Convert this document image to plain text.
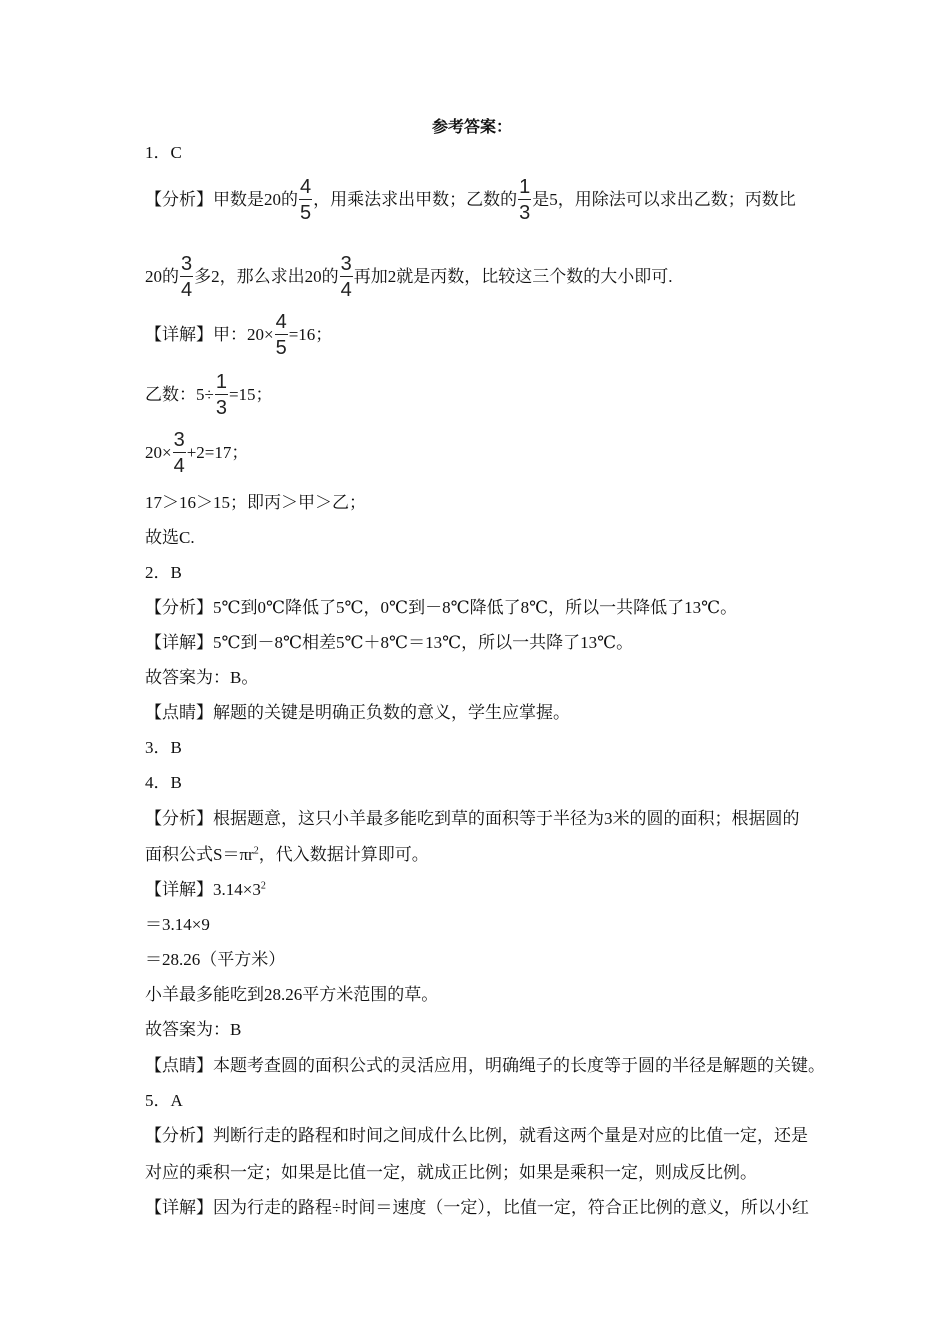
参考答案：
1．C
【分析】甲数是20的 $\frac{4}{5}$ ，用乘法求出甲数；乙数的 $\frac{1}{3}$ 是5，用除法可以求出乙数；丙数比
20的 $\frac{3}{4}$ 多2，那么求出20的 $\frac{3}{4}$ 再加2就是丙数，比较这三个数的大小即可.
【详解】甲：$20\times \frac{4}{5} =16$；
乙数：$5\div \frac{1}{3} =15$；
$20\times \frac{3}{4} +2=17$；
17＞16＞15；即丙＞甲＞乙；
故选C.
2．B
【分析】5℃到0℃降低了5℃，0℃到－8℃降低了8℃，所以一共降低了13℃。
【详解】5℃到－8℃相差5℃＋8℃＝13℃，所以一共降了13℃。
故答案为：B。
【点睛】解题的关键是明确正负数的意义，学生应掌握。
3．B
4．B
【分析】根据题意，这只小羊最多能吃到草的面积等于半径为3米的圆的面积；根据圆的
面积公式$S=\pi r^2$ ，代入数据计算即可。
【详解】$3.14\times 3^2$
＝3.14×9
＝28.26（平方米）
小羊最多能吃到28.26平方米范围的草。
故答案为：B
【点睛】本题考查圆的面积公式的灵活应用，明确绳子的长度等于圆的半径是解题的关键。
5．A
【分析】判断行走的路程和时间之间成什么比例，就看这两个量是对应的比值一定，还是
对应的乘积一定；如果是比值一定，就成正比例；如果是乘积一定，则成反比例。
【详解】因为行走的路程÷时间＝速度（一定），比值一定，符合正比例的意义，所以小红
